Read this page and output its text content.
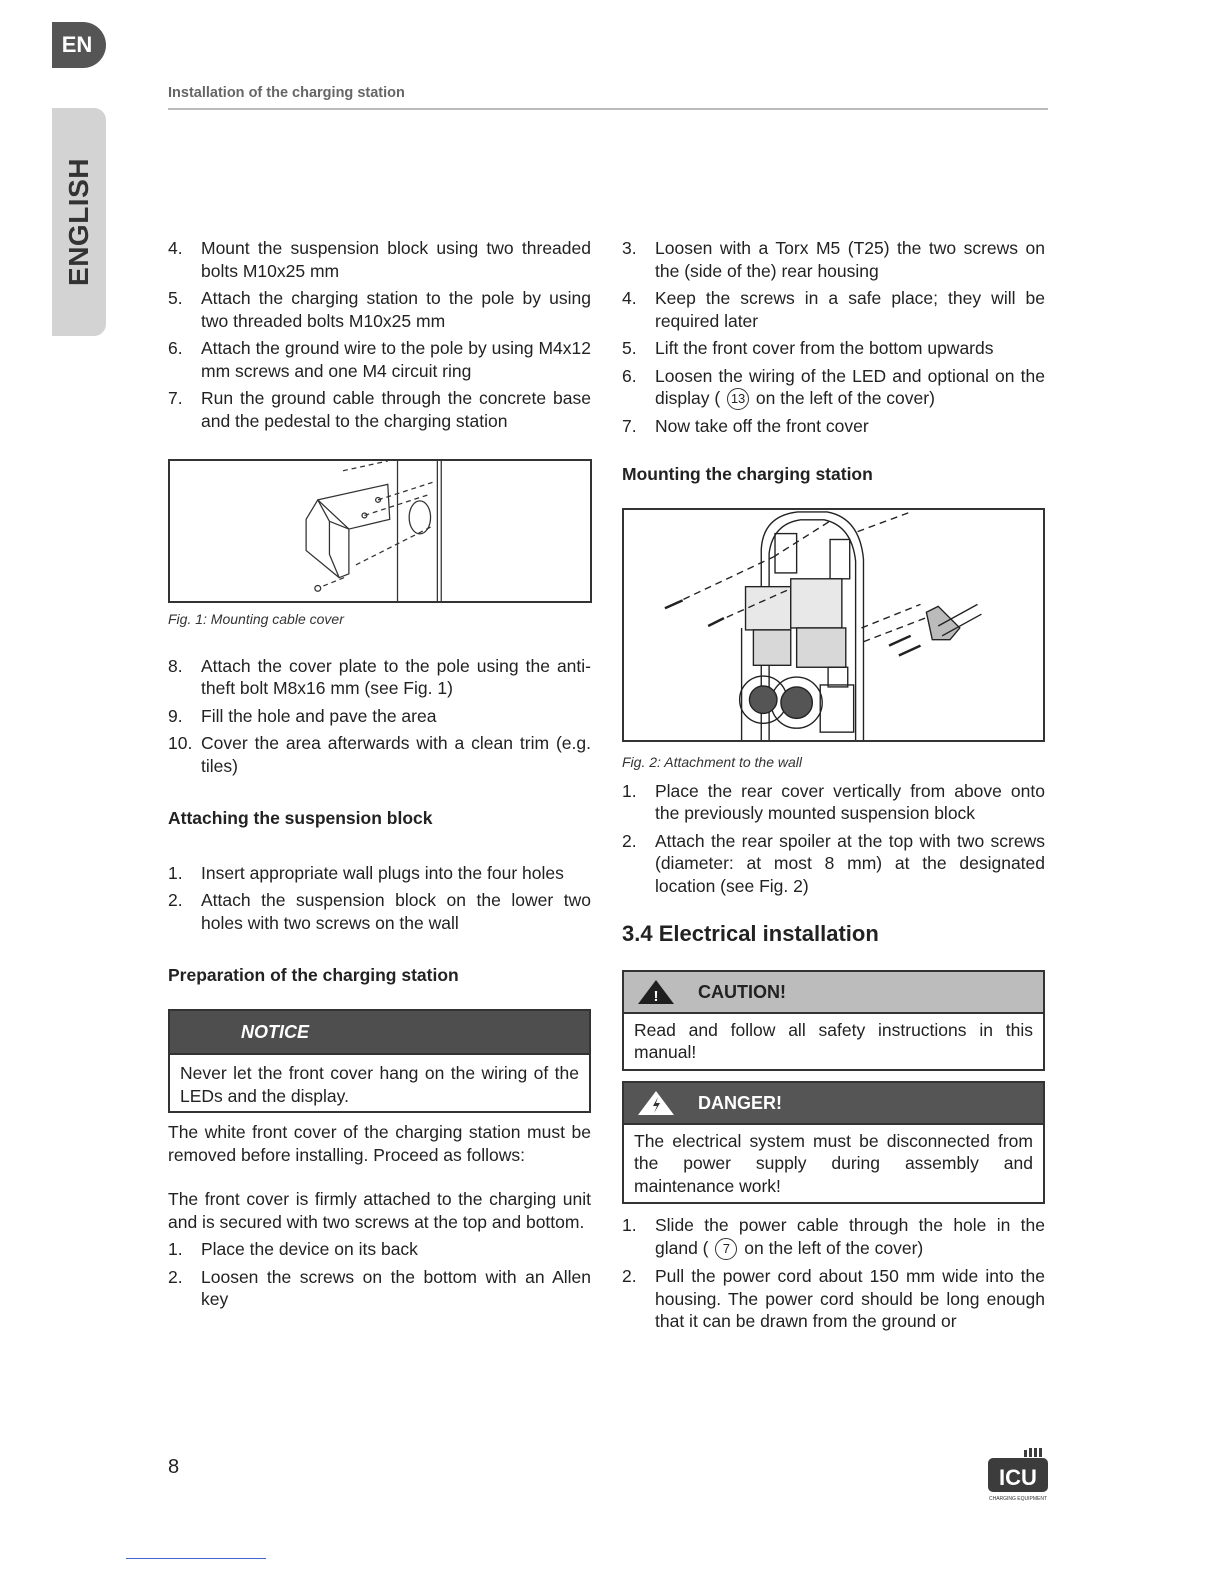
EN
ENGLISH
Installation of the charging station
4. Mount the suspension block using two threaded bolts M10x25 mm
5. Attach the charging station to the pole by using two threaded bolts M10x25 mm
6. Attach the ground wire to the pole by using M4x12 mm screws and one M4 circuit ring
7. Run the ground cable through the concrete base and the pedestal to the charging station

Fig. 1: Mounting cable cover

8. Attach the cover plate to the pole using the anti-theft bolt M8x16 mm (see Fig. 1)
9. Fill the hole and pave the area
10. Cover the area afterwards with a clean trim (e.g. tiles)
Attaching the suspension block
1. Insert appropriate wall plugs into the four holes
2. Attach the suspension block on the lower two holes with two screws on the wall
Preparation of the charging station
NOTICE
Never let the front cover hang on the wiring of the LEDs and the display.

The white front cover of the charging station must be removed before installing. Proceed as follows:

The front cover is firmly attached to the charging unit and is secured with two screws at the top and bottom.

1. Place the device on its back
2. Loosen the screws on the bottom with an Allen key
3. Loosen with a Torx M5 (T25) the two screws on the (side of the) rear housing
4. Keep the screws in a safe place; they will be required later
5. Lift the front cover from the bottom upwards
6. Loosen the wiring of the LED and optional on the display ( 13 on the left of the cover)
7. Now take off the front cover
Mounting the charging station

Fig. 2: Attachment to the wall

1. Place the rear cover vertically from above onto the previously mounted suspension block
2. Attach the rear spoiler at the top with two screws (diameter: at most 8 mm) at the designated location (see Fig. 2)
3.4 Electrical installation
! CAUTION!
Read and follow all safety instructions in this manual!
DANGER!
The electrical system must be disconnected from the power supply during assembly and maintenance work!
1. Slide the power cable through the hole in the gland ( 7 on the left of the cover)
2. Pull the power cord about 150 mm wide into the housing. The power cord should be long enough that it can be drawn from the ground or
8	ICU
CHARGING EQUIPMENT
